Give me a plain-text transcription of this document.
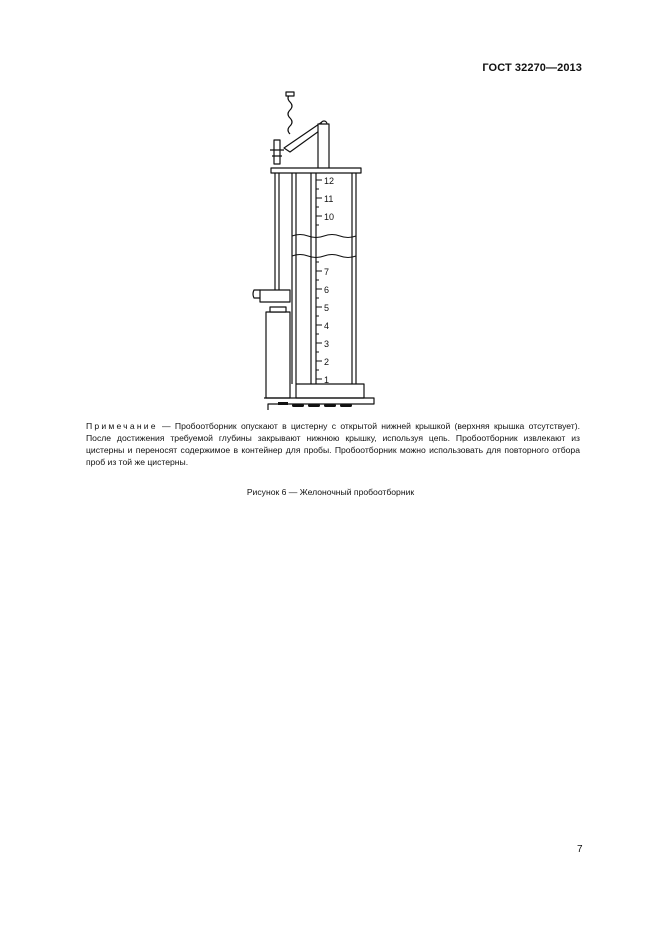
ГОСТ 32270—2013
1
2
3
4
5
6
7
10
11
12

Примечание — Пробоотборник опускают в цистерну с открытой нижней крышкой (верхняя крышка отсутствует). После достижения требуемой глубины закрывают нижнюю крышку, используя цепь. Пробоотборник извлекают из цистерны и переносят содержимое в контейнер для пробы. Пробоотборник можно использовать для повторного отбора проб из той же цистерны.

Рисунок 6 — Желоночный пробоотборник
7
